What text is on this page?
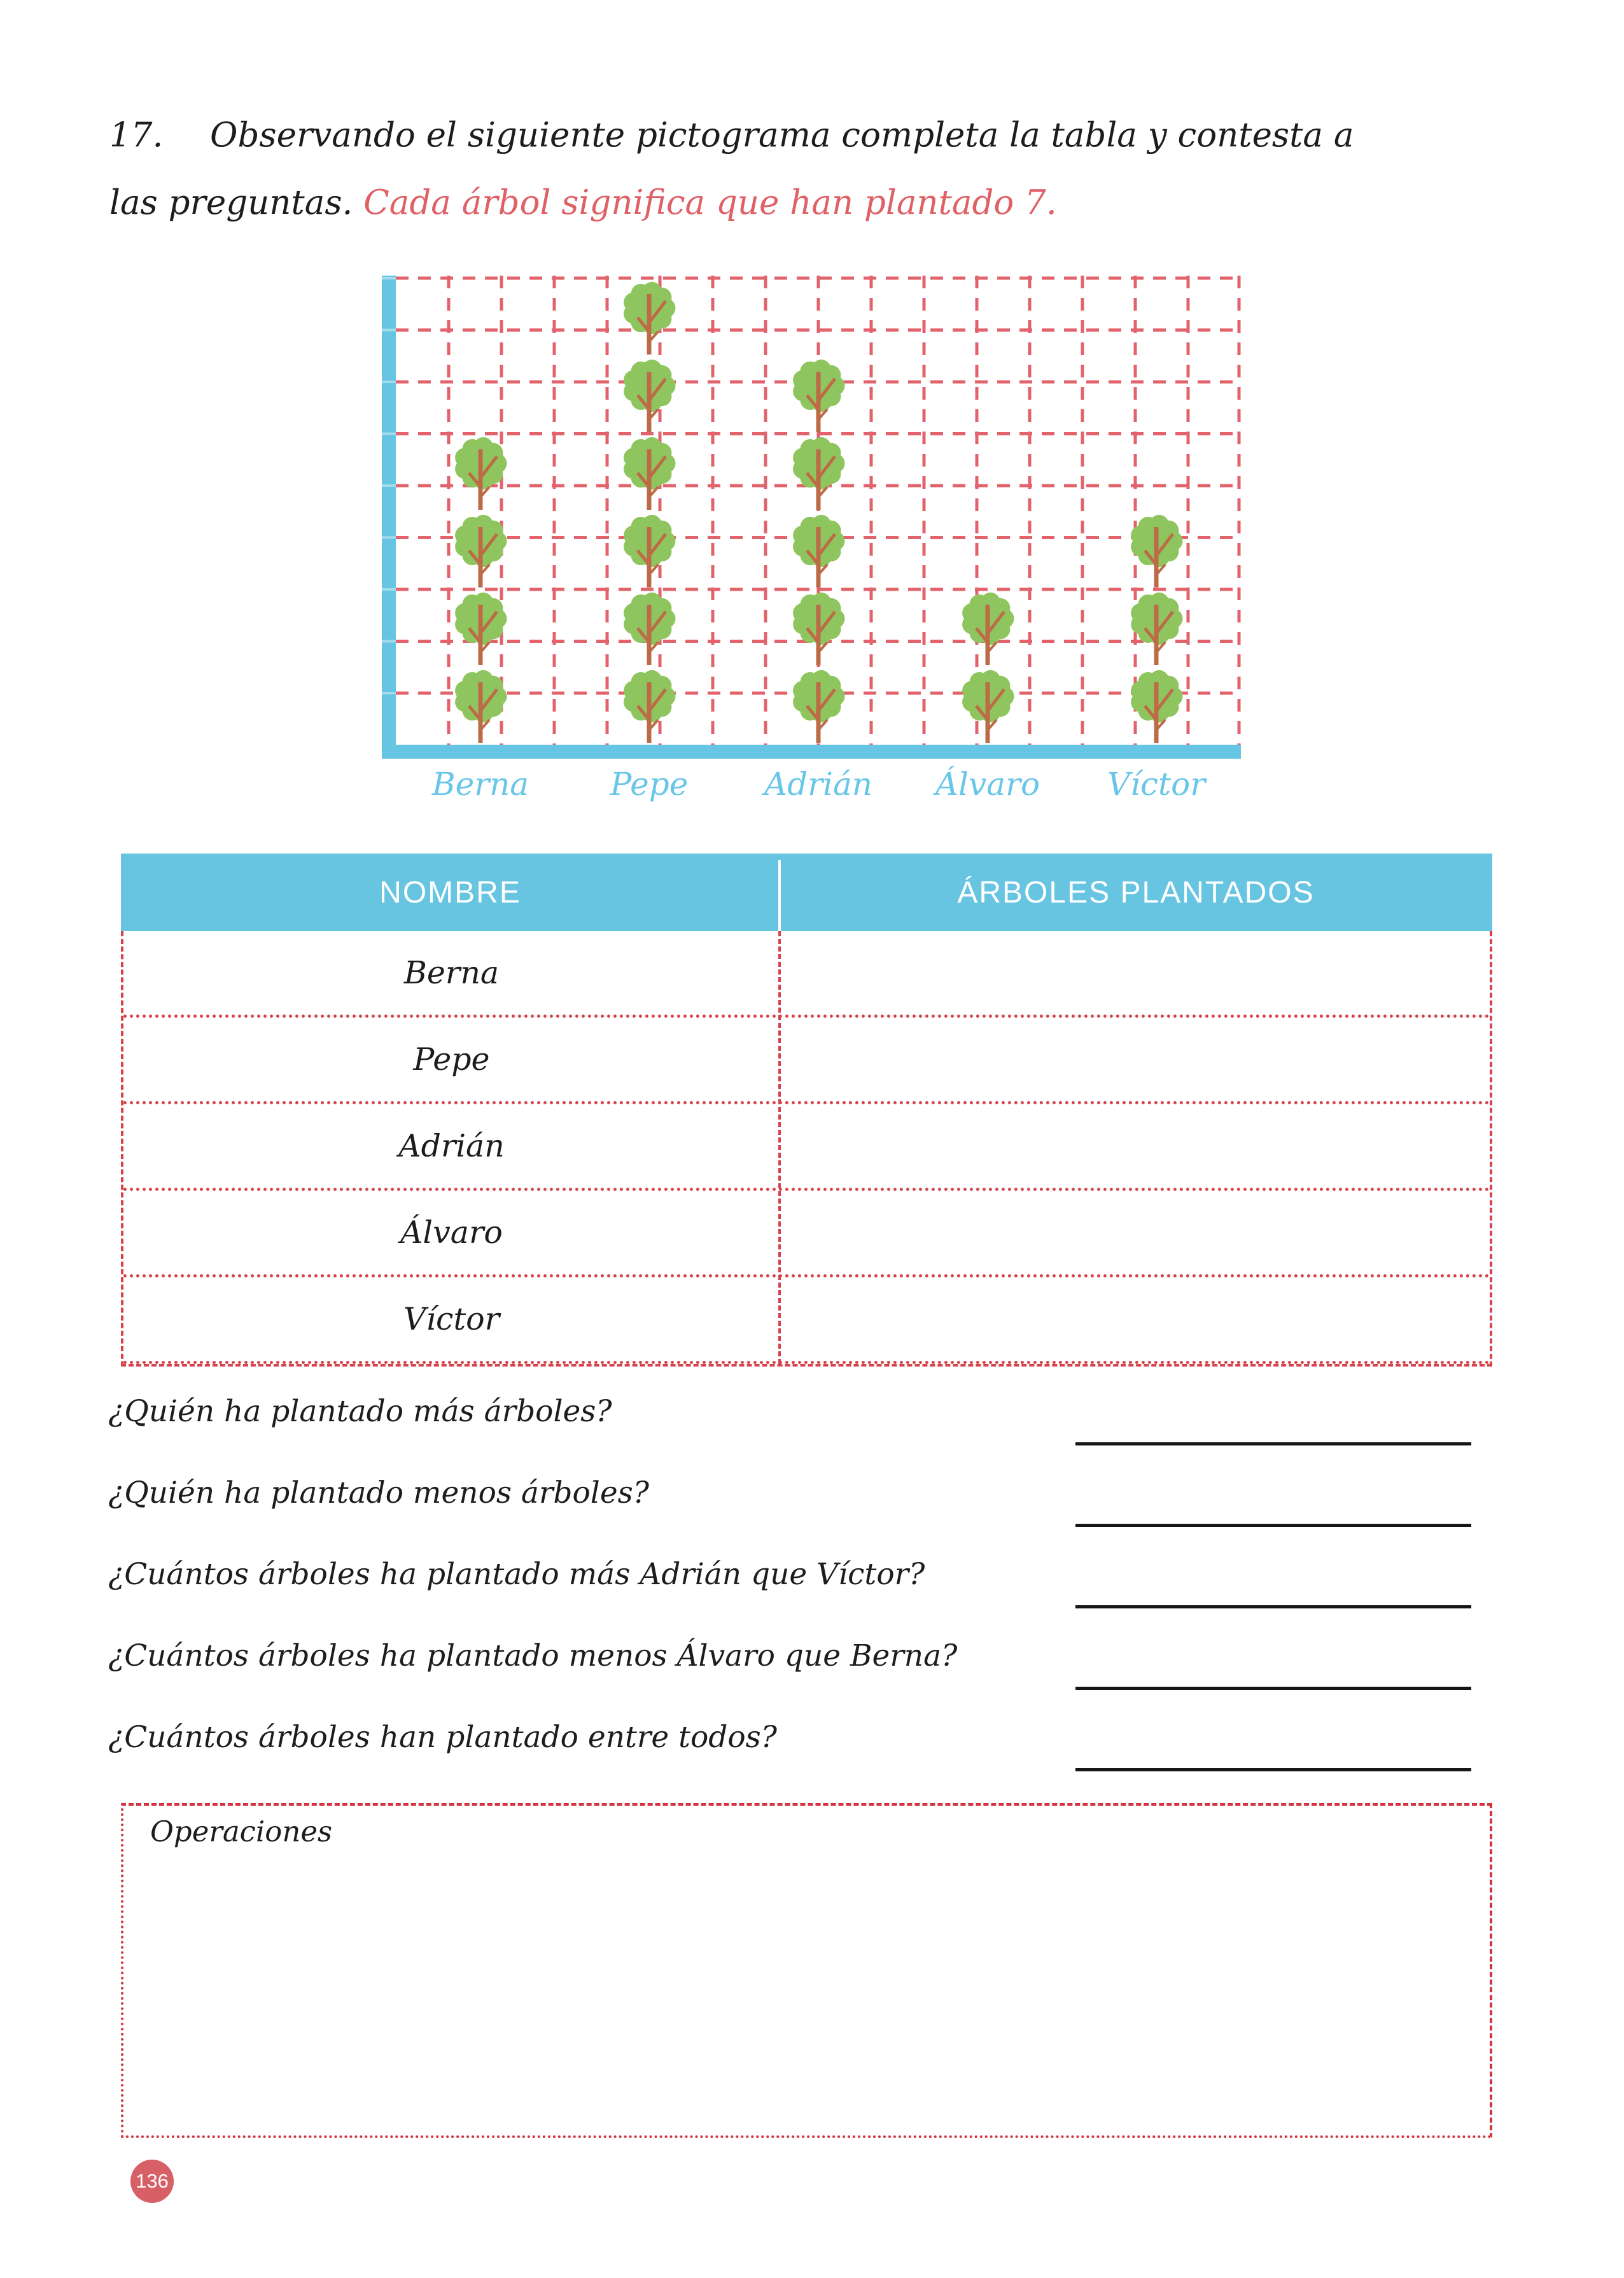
17. Observando el siguiente pictograma completa la tabla y contesta a
las preguntas. Cada árbol significa que han plantado 7.
Berna	Pepe	Adrián	Álvaro	Víctor
NOMBRE	ÁRBOLES PLANTADOS
Berna
Pepe
Adrián
Álvaro
Víctor
¿Quién ha plantado más árboles?
¿Quién ha plantado menos árboles?
¿Cuántos árboles ha plantado más Adrián que Víctor?
¿Cuántos árboles ha plantado menos Álvaro que Berna?
¿Cuántos árboles han plantado entre todos?
Operaciones
136
